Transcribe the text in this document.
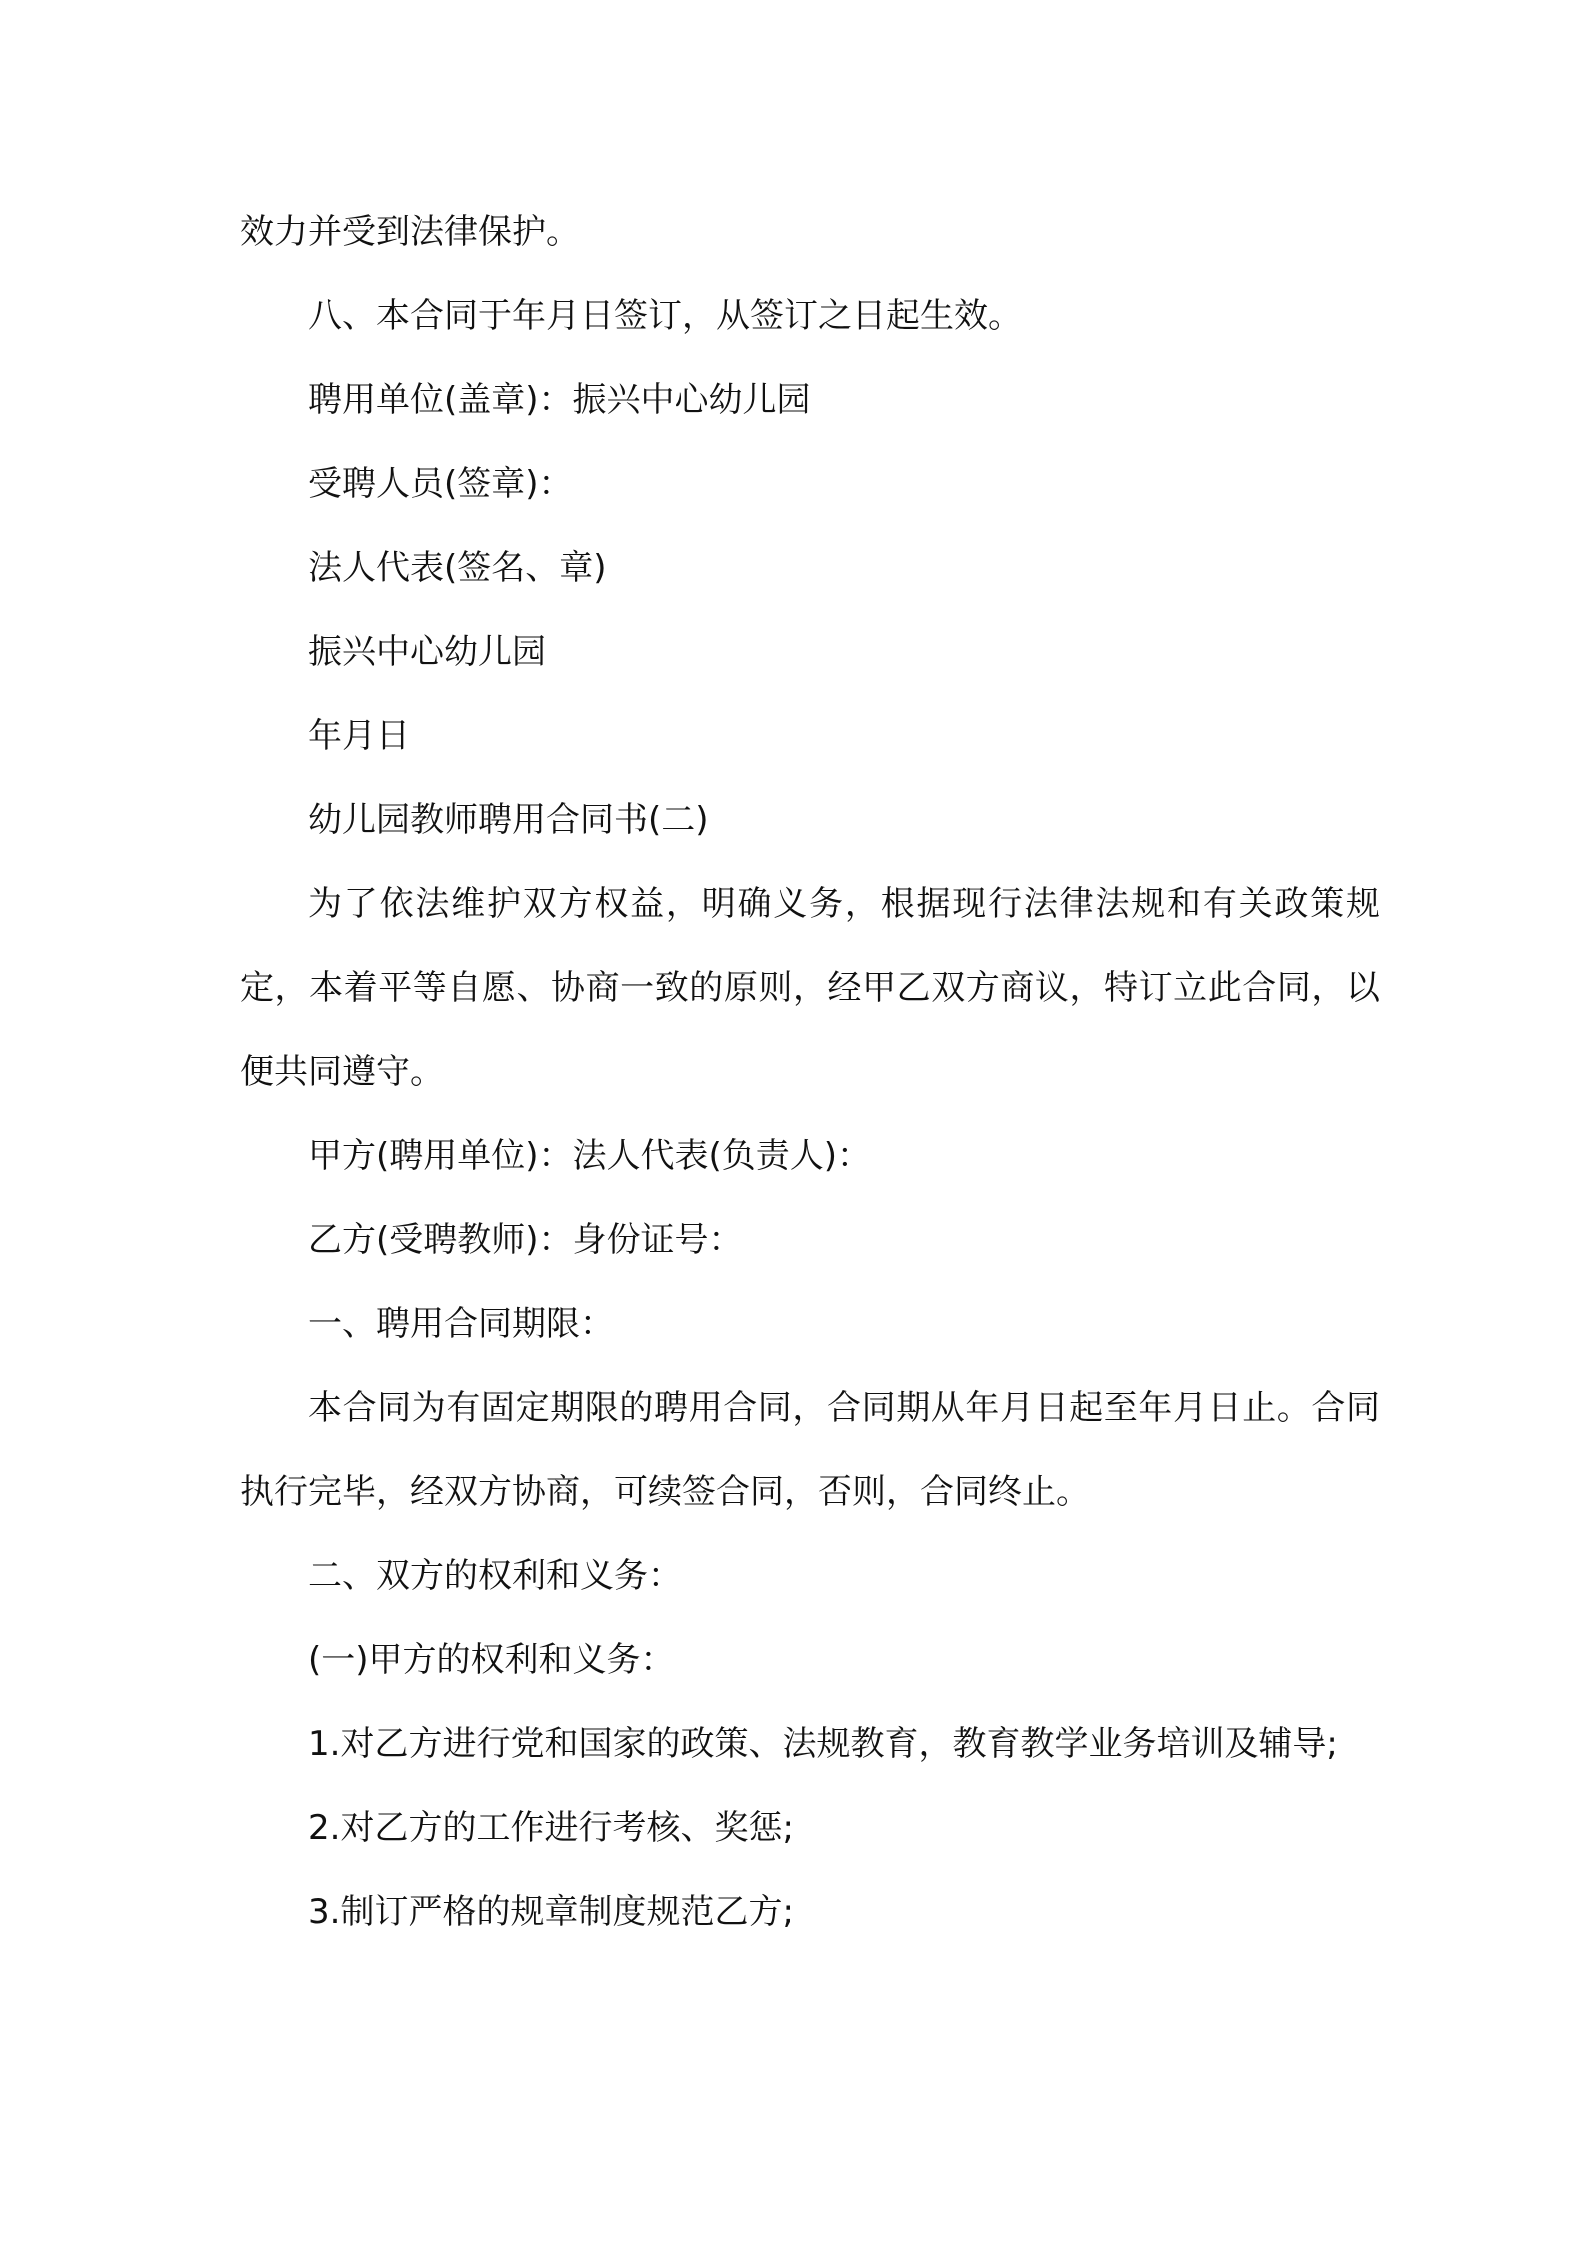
效力并受到法律保护。

八、本合同于年月日签订，从签订之日起生效。

聘用单位(盖章)：振兴中心幼儿园

受聘人员(签章)：

法人代表(签名、章)

振兴中心幼儿园

年月日

幼儿园教师聘用合同书(二)

为了依法维护双方权益，明确义务，根据现行法律法规和有关政策规定，本着平等自愿、协商一致的原则，经甲乙双方商议，特订立此合同，以便共同遵守。

甲方(聘用单位)：法人代表(负责人)：

乙方(受聘教师)：身份证号：

一、聘用合同期限：

本合同为有固定期限的聘用合同，合同期从年月日起至年月日止。合同执行完毕，经双方协商，可续签合同，否则，合同终止。

二、双方的权利和义务：

(一)甲方的权利和义务：

1.对乙方进行党和国家的政策、法规教育，教育教学业务培训及辅导;

2.对乙方的工作进行考核、奖惩;

3.制订严格的规章制度规范乙方;
